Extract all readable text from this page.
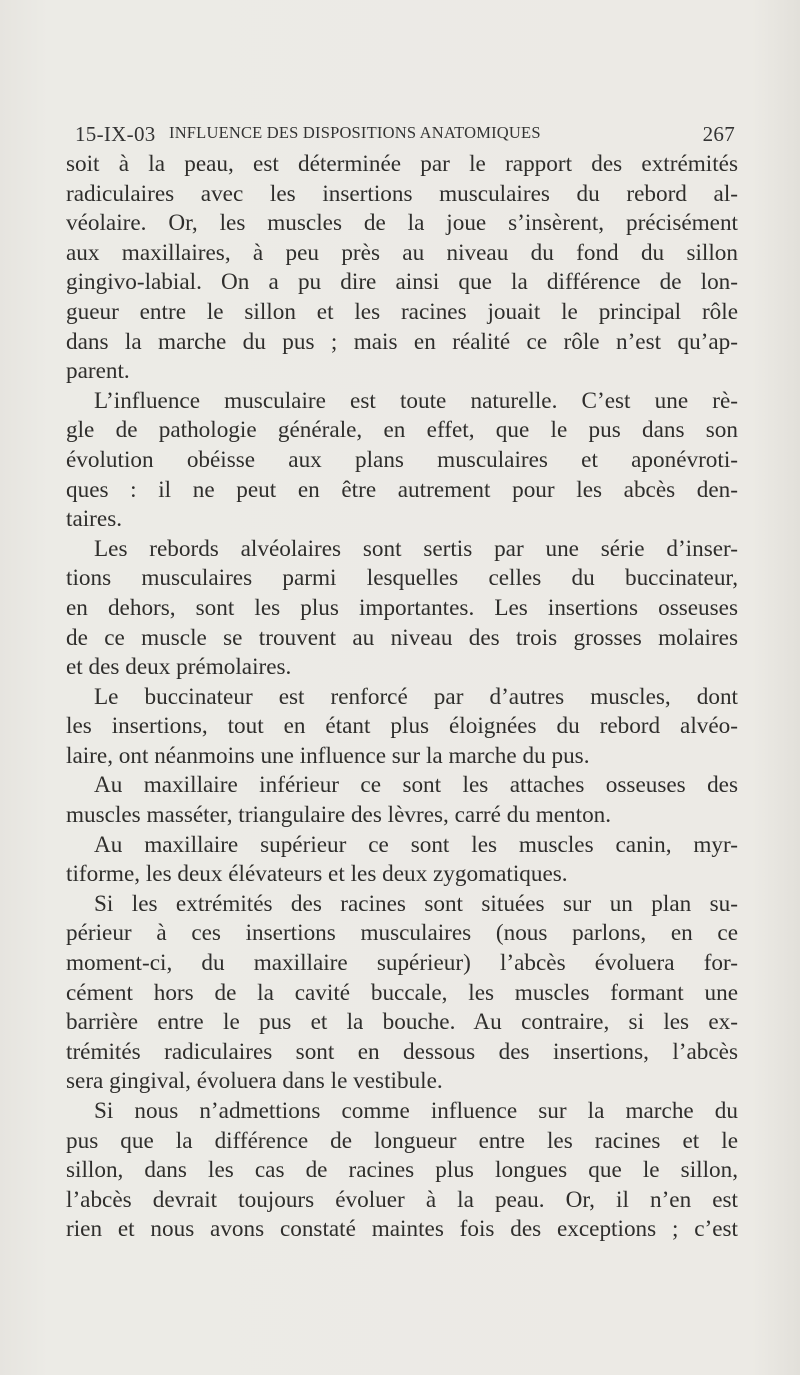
15-IX-03 INFLUENCE DES DISPOSITIONS ANATOMIQUES	267
soit à la peau, est déterminée par le rapport des extrémités
radiculaires avec les insertions musculaires du rebord al-
véolaire. Or, les muscles de la joue s’insèrent, précisément
aux maxillaires, à peu près au niveau du fond du sillon
gingivo-labial. On a pu dire ainsi que la différence de lon-
gueur entre le sillon et les racines jouait le principal rôle
dans la marche du pus ; mais en réalité ce rôle n’est qu’ap-
parent.
L’influence musculaire est toute naturelle. C’est une rè-
gle de pathologie générale, en effet, que le pus dans son
évolution obéisse aux plans musculaires et aponévroti-
ques : il ne peut en être autrement pour les abcès den-
taires.
Les rebords alvéolaires sont sertis par une série d’inser-
tions musculaires parmi lesquelles celles du buccinateur,
en dehors, sont les plus importantes. Les insertions osseuses
de ce muscle se trouvent au niveau des trois grosses molaires
et des deux prémolaires.
Le buccinateur est renforcé par d’autres muscles, dont
les insertions, tout en étant plus éloignées du rebord alvéo-
laire, ont néanmoins une influence sur la marche du pus.
Au maxillaire inférieur ce sont les attaches osseuses des
muscles masséter, triangulaire des lèvres, carré du menton.
Au maxillaire supérieur ce sont les muscles canin, myr-
tiforme, les deux élévateurs et les deux zygomatiques.
Si les extrémités des racines sont situées sur un plan su-
périeur à ces insertions musculaires (nous parlons, en ce
moment-ci, du maxillaire supérieur) l’abcès évoluera for-
cément hors de la cavité buccale, les muscles formant une
barrière entre le pus et la bouche. Au contraire, si les ex-
trémités radiculaires sont en dessous des insertions, l’abcès
sera gingival, évoluera dans le vestibule.
Si nous n’admettions comme influence sur la marche du
pus que la différence de longueur entre les racines et le
sillon, dans les cas de racines plus longues que le sillon,
l’abcès devrait toujours évoluer à la peau. Or, il n’en est
rien et nous avons constaté maintes fois des exceptions ; c’est
